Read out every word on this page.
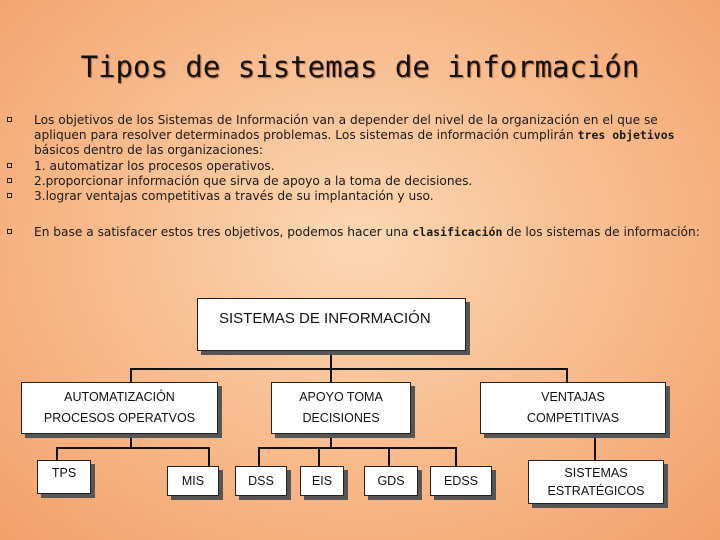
Tipos de sistemas de información
Los objetivos de los Sistemas de Información van a depender del nivel de la organización en el que se apliquen para resolver determinados problemas. Los sistemas de información cumplirán tres objetivos básicos dentro de las organizaciones:
1. automatizar los procesos operativos.
2.proporcionar información que sirva de apoyo a la toma de decisiones.
3.lograr ventajas competitivas a través de su implantación y uso.
En base a satisfacer estos tres objetivos, podemos hacer una clasificación de los sistemas de información:
SISTEMAS DE INFORMACIÓN
AUTOMATIZACIÓN
PROCESOS OPERATVOS
APOYO TOMA
DECISIONES
VENTAJAS
COMPETITIVAS
TPS
MIS	DSS	EIS	GDS	EDSS
SISTEMAS
ESTRATÉGICOS
